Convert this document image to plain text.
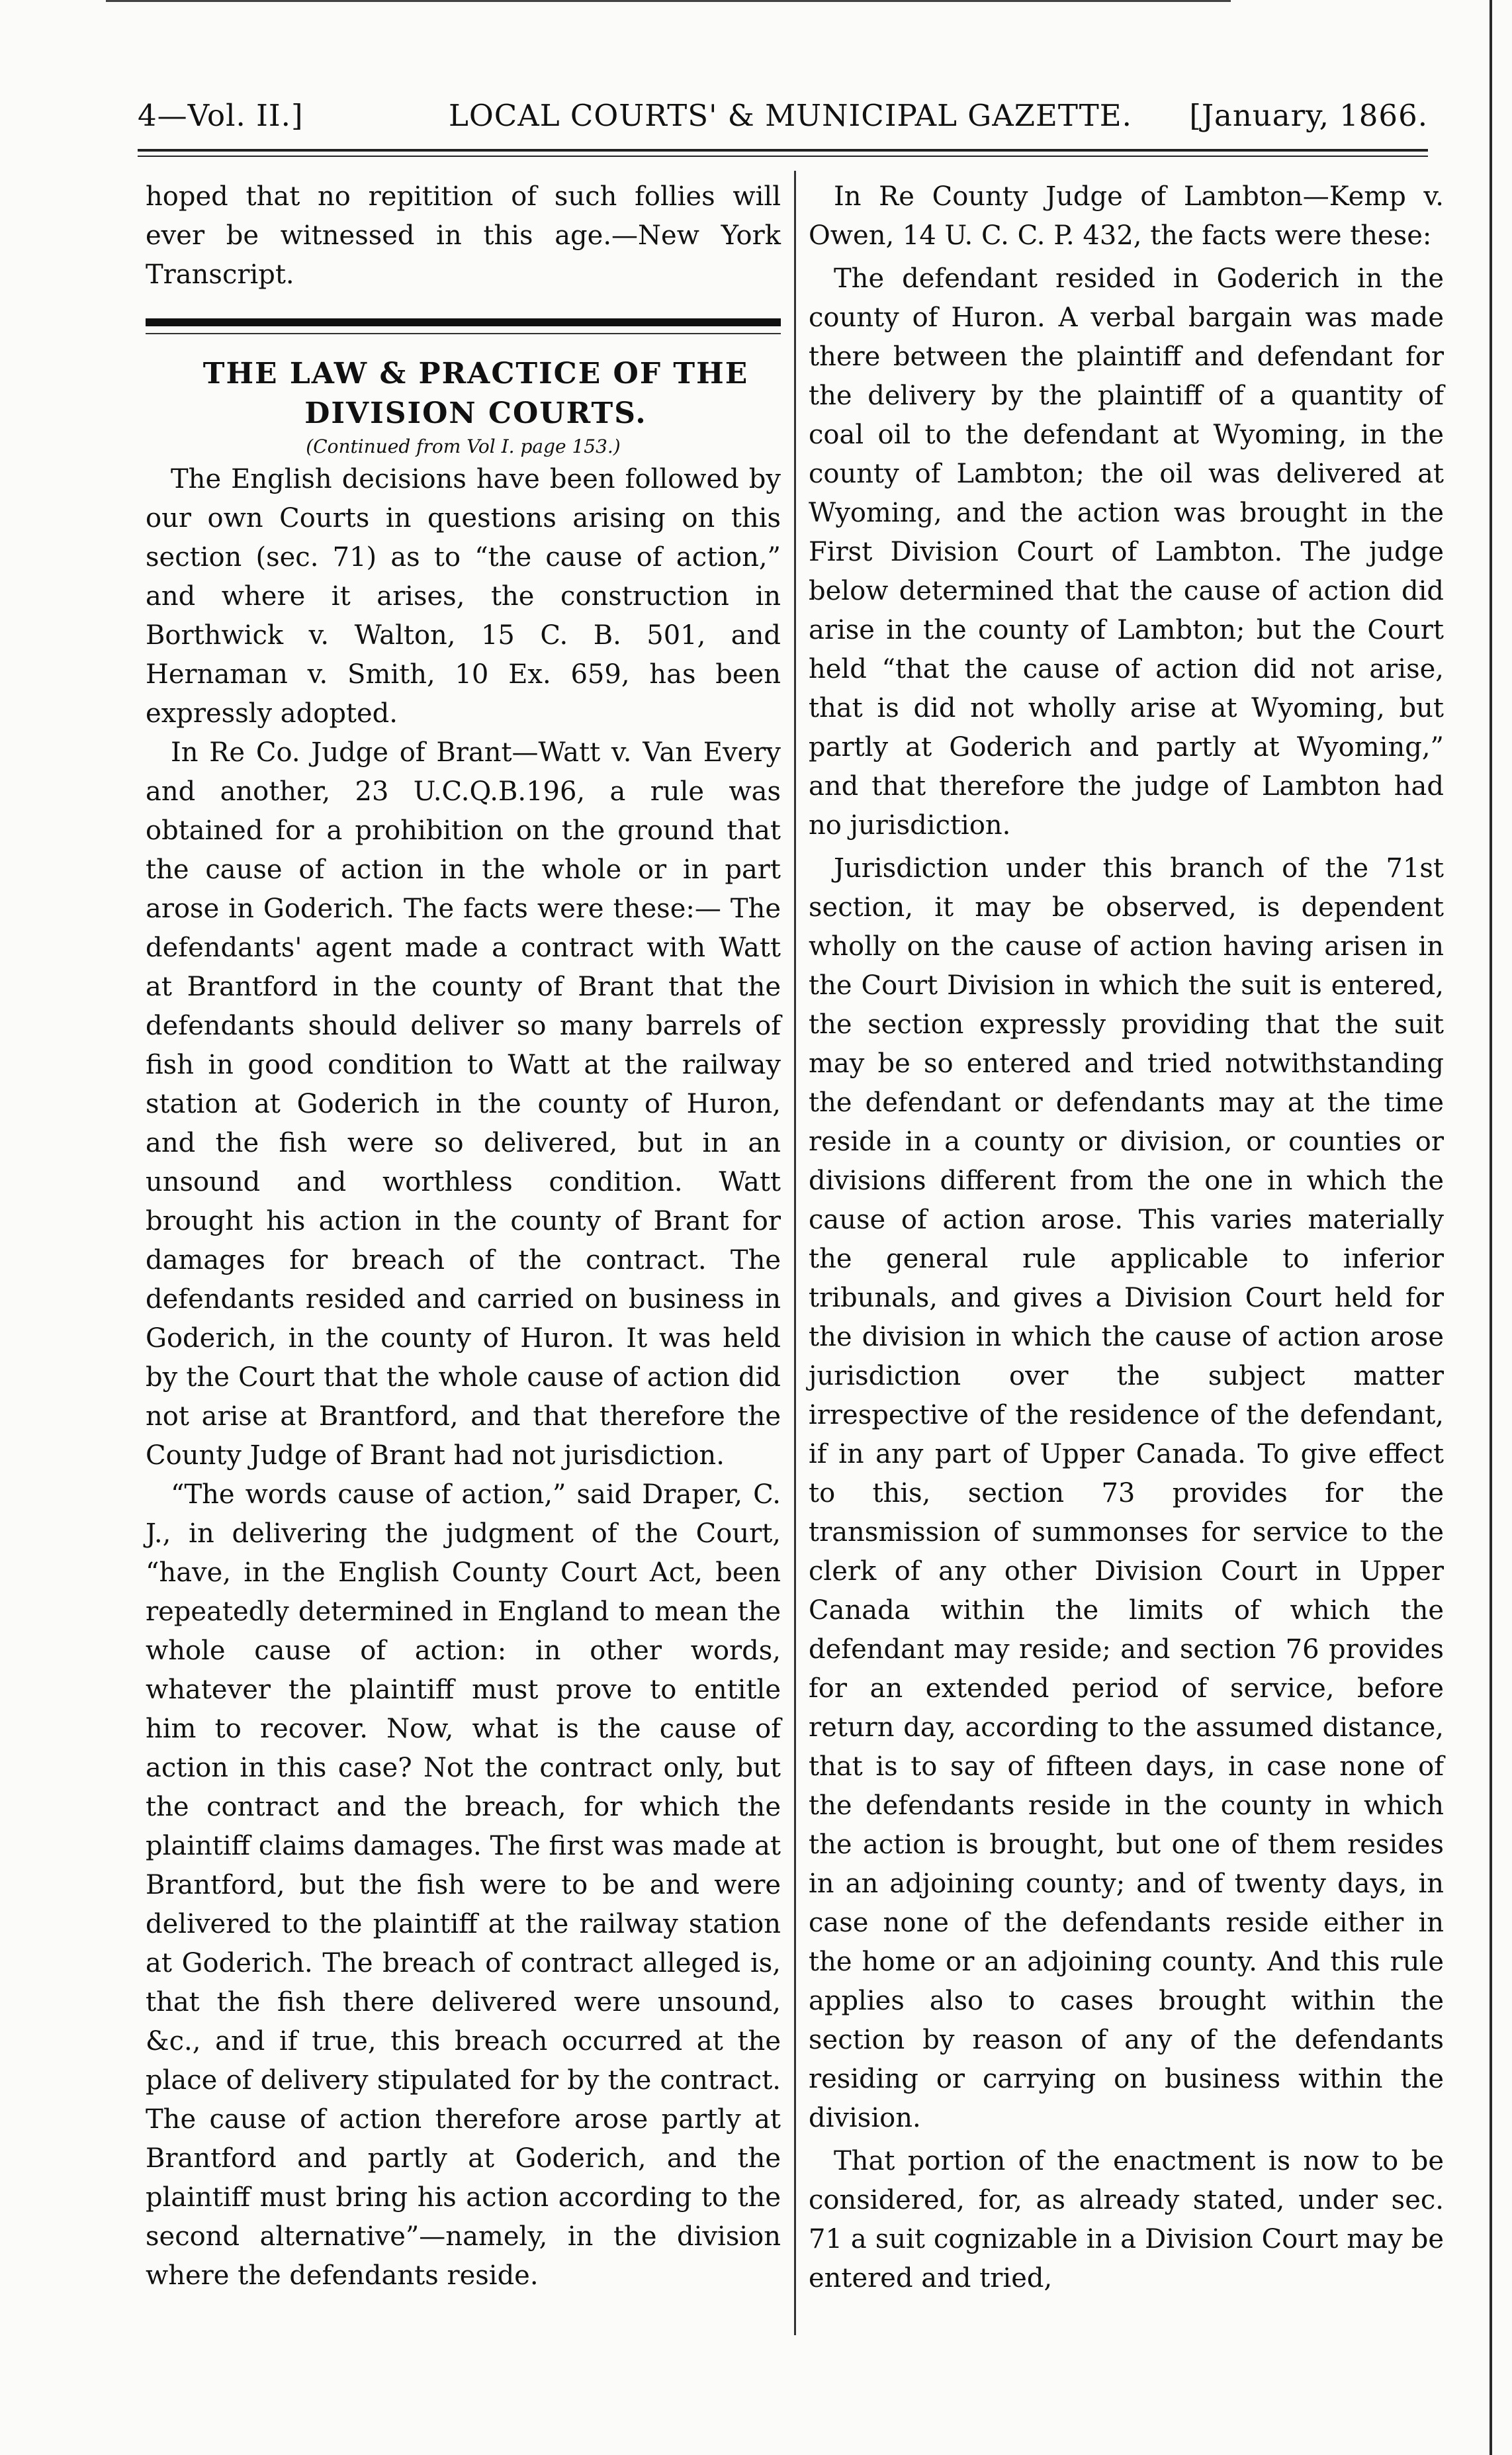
4—Vol. II.]	LOCAL COURTS' & MUNICIPAL GAZETTE. [January, 1866.

hoped that no repitition of such follies will ever be witnessed in this age.—New York Transcript.

THE LAW & PRACTICE OF THE

DIVISION COURTS.

(Continued from Vol I. page 153.)

The English decisions have been followed by our own Courts in questions arising on this section (sec. 71) as to “the cause of action,” and where it arises, the construction in Borthwick v. Walton, 15 C. B. 501, and Hernaman v. Smith, 10 Ex. 659, has been expressly adopted.

In Re Co. Judge of Brant—Watt v. Van Every and another, 23 U.C.Q.B.196, a rule was obtained for a prohibition on the ground that the cause of action in the whole or in part arose in Goderich. The facts were these:— The defendants' agent made a contract with Watt at Brantford in the county of Brant that the defendants should deliver so many barrels of fish in good condition to Watt at the railway station at Goderich in the county of Huron, and the fish were so delivered, but in an unsound and worthless condition. Watt brought his action in the county of Brant for damages for breach of the contract. The defendants resided and carried on business in Goderich, in the county of Huron. It was held by the Court that the whole cause of action did not arise at Brantford, and that therefore the County Judge of Brant had not jurisdiction.

“The words cause of action,” said Draper, C. J., in delivering the judgment of the Court, “have, in the English County Court Act, been repeatedly determined in England to mean the whole cause of action: in other words, whatever the plaintiff must prove to entitle him to recover. Now, what is the cause of action in this case? Not the contract only, but the contract and the breach, for which the plaintiff claims damages. The first was made at Brantford, but the fish were to be and were delivered to the plaintiff at the railway station at Goderich. The breach of contract alleged is, that the fish there delivered were unsound, &c., and if true, this breach occurred at the place of delivery stipulated for by the contract. The cause of action therefore arose partly at Brantford and partly at Goderich, and the plaintiff must bring his action according to the second alternative”—namely, in the division where the defendants reside.

In Re County Judge of Lambton—Kemp v. Owen, 14 U. C. C. P. 432, the facts were these:

The defendant resided in Goderich in the county of Huron. A verbal bargain was made there between the plaintiff and defendant for the delivery by the plaintiff of a quantity of coal oil to the defendant at Wyoming, in the county of Lambton; the oil was delivered at Wyoming, and the action was brought in the First Division Court of Lambton. The judge below determined that the cause of action did arise in the county of Lambton; but the Court held “that the cause of action did not arise, that is did not wholly arise at Wyoming, but partly at Goderich and partly at Wyoming,” and that therefore the judge of Lambton had no jurisdiction.

Jurisdiction under this branch of the 71st section, it may be observed, is dependent wholly on the cause of action having arisen in the Court Division in which the suit is entered, the section expressly providing that the suit may be so entered and tried notwithstanding the defendant or defendants may at the time reside in a county or division, or counties or divisions different from the one in which the cause of action arose. This varies materially the general rule applicable to inferior tribunals, and gives a Division Court held for the division in which the cause of action arose jurisdiction over the subject matter irrespective of the residence of the defendant, if in any part of Upper Canada. To give effect to this, section 73 provides for the transmission of summonses for service to the clerk of any other Division Court in Upper Canada within the limits of which the defendant may reside; and section 76 provides for an extended period of service, before return day, according to the assumed distance, that is to say of fifteen days, in case none of the defendants reside in the county in which the action is brought, but one of them resides in an adjoining county; and of twenty days, in case none of the defendants reside either in the home or an adjoining county. And this rule applies also to cases brought within the section by reason of any of the defendants residing or carrying on business within the division.

That portion of the enactment is now to be considered, for, as already stated, under sec. 71 a suit cognizable in a Division Court may be entered and tried,
